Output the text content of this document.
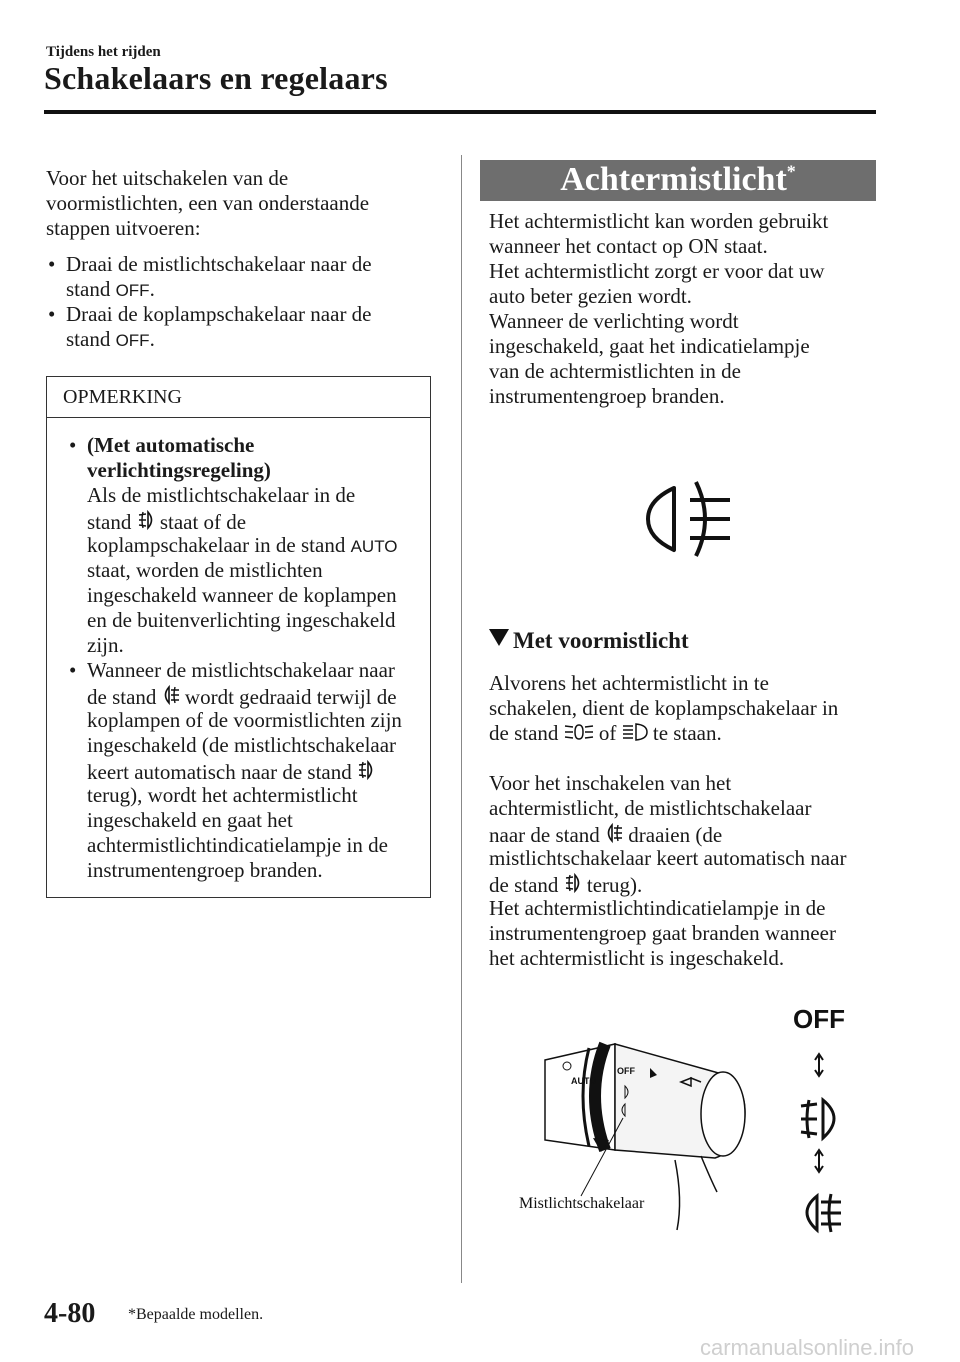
Tijdens het rijden
Schakelaars en regelaars
Voor het uitschakelen van de
voormistlichten, een van onderstaande
stappen uitvoeren:
• Draai de mistlichtschakelaar naar de
stand OFF.
• Draai de koplampschakelaar naar de
stand OFF.
OPMERKING
• (Met automatische
verlichtingsregeling)
Als de mistlichtschakelaar in de
stand  staat of de
koplampschakelaar in de stand AUTO
staat, worden de mistlichten
ingeschakeld wanneer de koplampen
en de buitenverlichting ingeschakeld
zijn.
• Wanneer de mistlichtschakelaar naar
de stand  wordt gedraaid terwijl de
koplampen of de voormistlichten zijn
ingeschakeld (de mistlichtschakelaar
keert automatisch naar de stand
terug), wordt het achtermistlicht
ingeschakeld en gaat het
achtermistlichtindicatielampje in de
instrumentengroep branden.
Achtermistlicht*
Het achtermistlicht kan worden gebruikt
wanneer het contact op ON staat.
Het achtermistlicht zorgt er voor dat uw
auto beter gezien wordt.
Wanneer de verlichting wordt
ingeschakeld, gaat het indicatielampje
van de achtermistlichten in de
instrumentengroep branden.
Met voormistlicht
Alvorens het achtermistlicht in te
schakelen, dient de koplampschakelaar in
de stand  of  te staan.
Voor het inschakelen van het
achtermistlicht, de mistlichtschakelaar
naar de stand  draaien (de
mistlichtschakelaar keert automatisch naar
de stand  terug).
Het achtermistlichtindicatielampje in de
instrumentengroep gaat branden wanneer
het achtermistlicht is ingeschakeld.
OFF
OFF
AUTO
Mistlichtschakelaar
4-80 *Bepaalde modellen.
carmanualsonline.info
